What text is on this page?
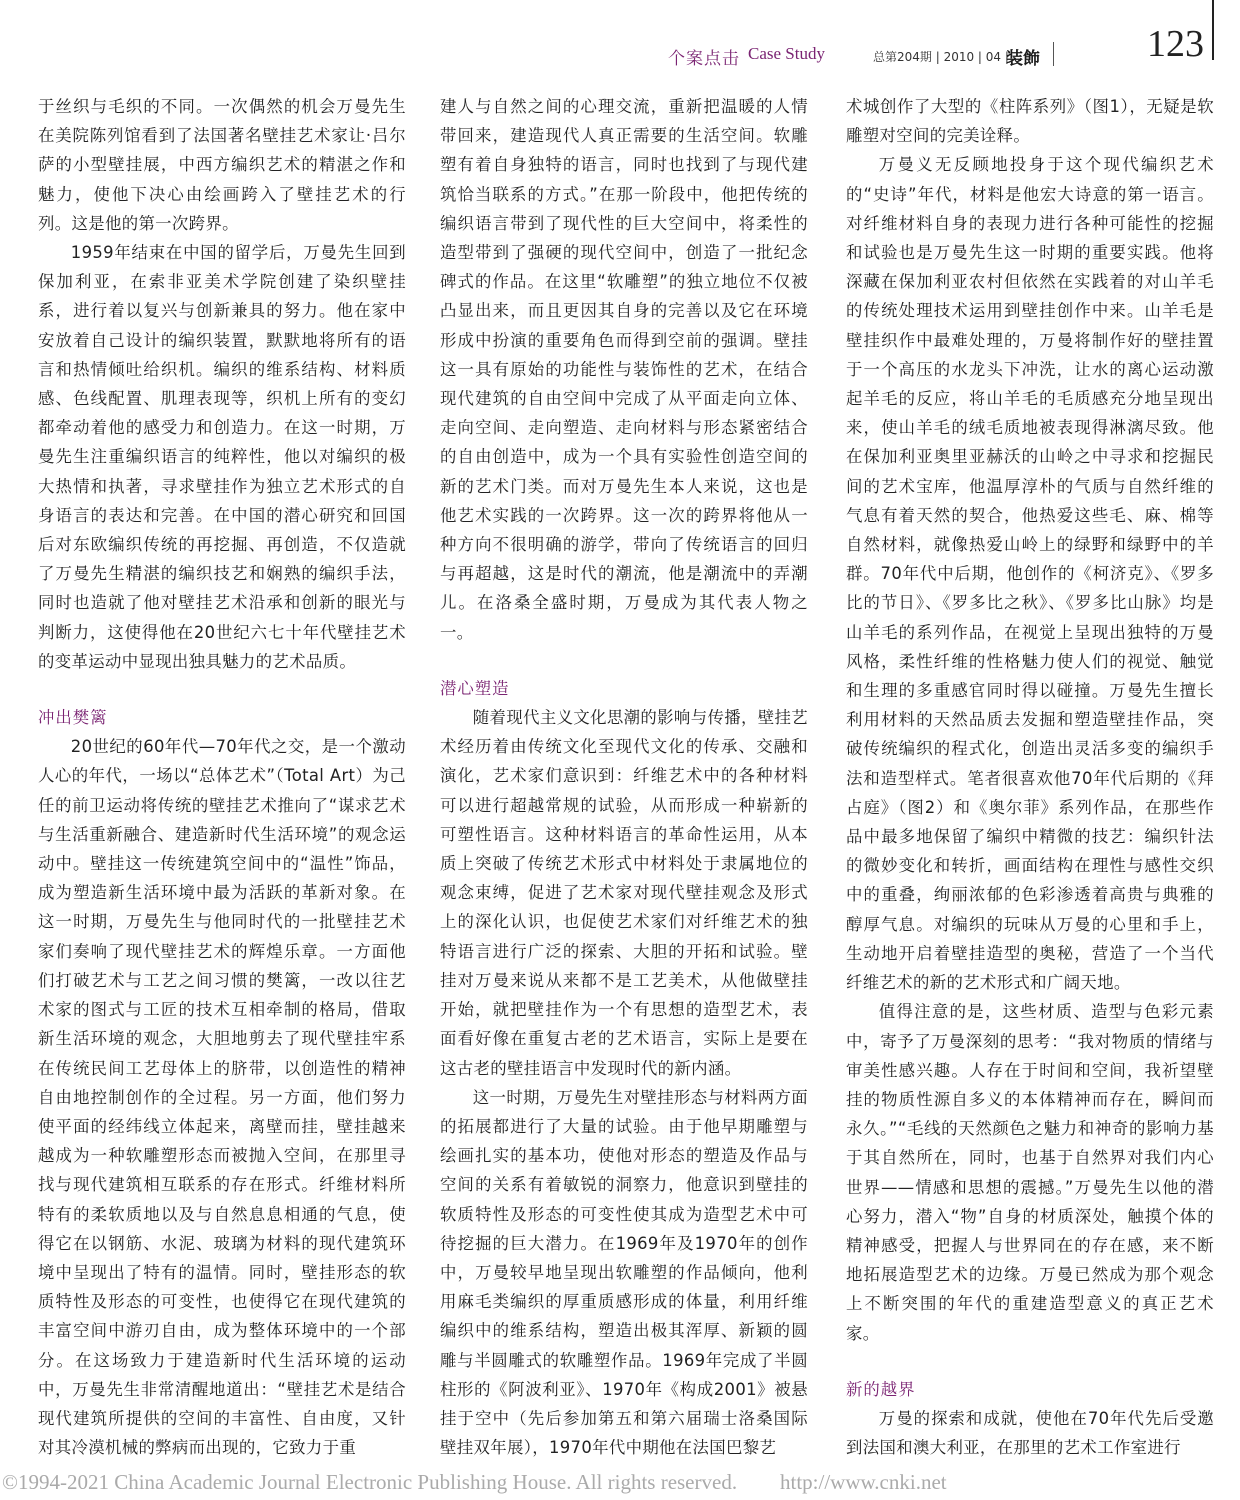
个案点击 Case Study	总第204期 | 2010 | 04 |
装飾	123

于丝织与毛织的不同。一次偶然的机会万曼先生在美院陈列馆看到了法国著名壁挂艺术家让·吕尔萨的小型壁挂展，中西方编织艺术的精湛之作和魅力，使他下决心由绘画跨入了壁挂艺术的行列。这是他的第一次跨界。

1959年结束在中国的留学后，万曼先生回到保加利亚，在索非亚美术学院创建了染织壁挂系，进行着以复兴与创新兼具的努力。他在家中安放着自己设计的编织装置，默默地将所有的语言和热情倾吐给织机。编织的维系结构、材料质感、色线配置、肌理表现等，织机上所有的变幻都牵动着他的感受力和创造力。在这一时期，万曼先生注重编织语言的纯粹性，他以对编织的极大热情和执著，寻求壁挂作为独立艺术形式的自身语言的表达和完善。在中国的潜心研究和回国后对东欧编织传统的再挖掘、再创造，不仅造就了万曼先生精湛的编织技艺和娴熟的编织手法，同时也造就了他对壁挂艺术沿承和创新的眼光与判断力，这使得他在20世纪六七十年代壁挂艺术的变革运动中显现出独具魅力的艺术品质。

冲出樊篱

20世纪的60年代—70年代之交，是一个激动人心的年代，一场以“总体艺术”（Total Art）为己任的前卫运动将传统的壁挂艺术推向了“谋求艺术与生活重新融合、建造新时代生活环境”的观念运动中。壁挂这一传统建筑空间中的“温性”饰品，成为塑造新生活环境中最为活跃的革新对象。在这一时期，万曼先生与他同时代的一批壁挂艺术家们奏响了现代壁挂艺术的辉煌乐章。一方面他们打破艺术与工艺之间习惯的樊篱，一改以往艺术家的图式与工匠的技术互相牵制的格局，借取新生活环境的观念，大胆地剪去了现代壁挂牢系在传统民间工艺母体上的脐带，以创造性的精神自由地控制创作的全过程。另一方面，他们努力使平面的经纬线立体起来，离壁而挂，壁挂越来越成为一种软雕塑形态而被抛入空间，在那里寻找与现代建筑相互联系的存在形式。纤维材料所特有的柔软质地以及与自然息息相通的气息，使得它在以钢筋、水泥、玻璃为材料的现代建筑环境中呈现出了特有的温情。同时，壁挂形态的软质特性及形态的可变性，也使得它在现代建筑的丰富空间中游刃自由，成为整体环境中的一个部分。在这场致力于建造新时代生活环境的运动中，万曼先生非常清醒地道出：“壁挂艺术是结合现代建筑所提供的空间的丰富性、自由度，又针对其冷漠机械的弊病而出现的，它致力于重

建人与自然之间的心理交流，重新把温暖的人情带回来，建造现代人真正需要的生活空间。软雕塑有着自身独特的语言，同时也找到了与现代建筑恰当联系的方式。”在那一阶段中，他把传统的编织语言带到了现代性的巨大空间中，将柔性的造型带到了强硬的现代空间中，创造了一批纪念碑式的作品。在这里“软雕塑”的独立地位不仅被凸显出来，而且更因其自身的完善以及它在环境形成中扮演的重要角色而得到空前的强调。壁挂这一具有原始的功能性与装饰性的艺术，在结合现代建筑的自由空间中完成了从平面走向立体、走向空间、走向塑造、走向材料与形态紧密结合的自由创造中，成为一个具有实验性创造空间的新的艺术门类。而对万曼先生本人来说，这也是他艺术实践的一次跨界。这一次的跨界将他从一种方向不很明确的游学，带向了传统语言的回归与再超越，这是时代的潮流，他是潮流中的弄潮儿。在洛桑全盛时期，万曼成为其代表人物之一。

潜心塑造

随着现代主义文化思潮的影响与传播，壁挂艺术经历着由传统文化至现代文化的传承、交融和演化，艺术家们意识到：纤维艺术中的各种材料可以进行超越常规的试验，从而形成一种崭新的可塑性语言。这种材料语言的革命性运用，从本质上突破了传统艺术形式中材料处于隶属地位的观念束缚，促进了艺术家对现代壁挂观念及形式上的深化认识，也促使艺术家们对纤维艺术的独特语言进行广泛的探索、大胆的开拓和试验。壁挂对万曼来说从来都不是工艺美术，从他做壁挂开始，就把壁挂作为一个有思想的造型艺术，表面看好像在重复古老的艺术语言，实际上是要在这古老的壁挂语言中发现时代的新内涵。

这一时期，万曼先生对壁挂形态与材料两方面的拓展都进行了大量的试验。由于他早期雕塑与绘画扎实的基本功，使他对形态的塑造及作品与空间的关系有着敏锐的洞察力，他意识到壁挂的软质特性及形态的可变性使其成为造型艺术中可待挖掘的巨大潜力。在1969年及1970年的创作中，万曼较早地呈现出软雕塑的作品倾向，他利用麻毛类编织的厚重质感形成的体量，利用纤维编织中的维系结构，塑造出极其浑厚、新颖的圆雕与半圆雕式的软雕塑作品。1969年完成了半圆柱形的《阿波利亚》、1970年《构成2001》被悬挂于空中（先后参加第五和第六届瑞士洛桑国际壁挂双年展），1970年代中期他在法国巴黎艺

术城创作了大型的《柱阵系列》（图1），无疑是软雕塑对空间的完美诠释。

万曼义无反顾地投身于这个现代编织艺术的“史诗”年代，材料是他宏大诗意的第一语言。对纤维材料自身的表现力进行各种可能性的挖掘和试验也是万曼先生这一时期的重要实践。他将深藏在保加利亚农村但依然在实践着的对山羊毛的传统处理技术运用到壁挂创作中来。山羊毛是壁挂织作中最难处理的，万曼将制作好的壁挂置于一个高压的水龙头下冲洗，让水的离心运动激起羊毛的反应，将山羊毛的毛质感充分地呈现出来，使山羊毛的绒毛质地被表现得淋漓尽致。他在保加利亚奥里亚赫沃的山岭之中寻求和挖掘民间的艺术宝库，他温厚淳朴的气质与自然纤维的气息有着天然的契合，他热爱这些毛、麻、棉等自然材料，就像热爱山岭上的绿野和绿野中的羊群。70年代中后期，他创作的《柯济克》、《罗多比的节日》、《罗多比之秋》、《罗多比山脉》均是山羊毛的系列作品，在视觉上呈现出独特的万曼风格，柔性纤维的性格魅力使人们的视觉、触觉和生理的多重感官同时得以碰撞。万曼先生擅长利用材料的天然品质去发掘和塑造壁挂作品，突破传统编织的程式化，创造出灵活多变的编织手法和造型样式。笔者很喜欢他70年代后期的《拜占庭》（图2）和《奥尔菲》系列作品，在那些作品中最多地保留了编织中精微的技艺：编织针法的微妙变化和转折，画面结构在理性与感性交织中的重叠，绚丽浓郁的色彩渗透着高贵与典雅的醇厚气息。对编织的玩味从万曼的心里和手上，生动地开启着壁挂造型的奥秘，营造了一个当代纤维艺术的新的艺术形式和广阔天地。

值得注意的是，这些材质、造型与色彩元素中，寄予了万曼深刻的思考：“我对物质的情绪与审美性感兴趣。人存在于时间和空间，我祈望壁挂的物质性源自多义的本体精神而存在，瞬间而永久。”“毛线的天然颜色之魅力和神奇的影响力基于其自然所在，同时，也基于自然界对我们内心世界——情感和思想的震撼。”万曼先生以他的潜心努力，潜入“物”自身的材质深处，触摸个体的精神感受，把握人与世界同在的存在感，来不断地拓展造型艺术的边缘。万曼已然成为那个观念上不断突围的年代的重建造型意义的真正艺术家。

新的越界

万曼的探索和成就，使他在70年代先后受邀到法国和澳大利亚，在那里的艺术工作室进行

©1994-2021 China Academic Journal Electronic Publishing House. All rights reserved. http://www.cnki.net
